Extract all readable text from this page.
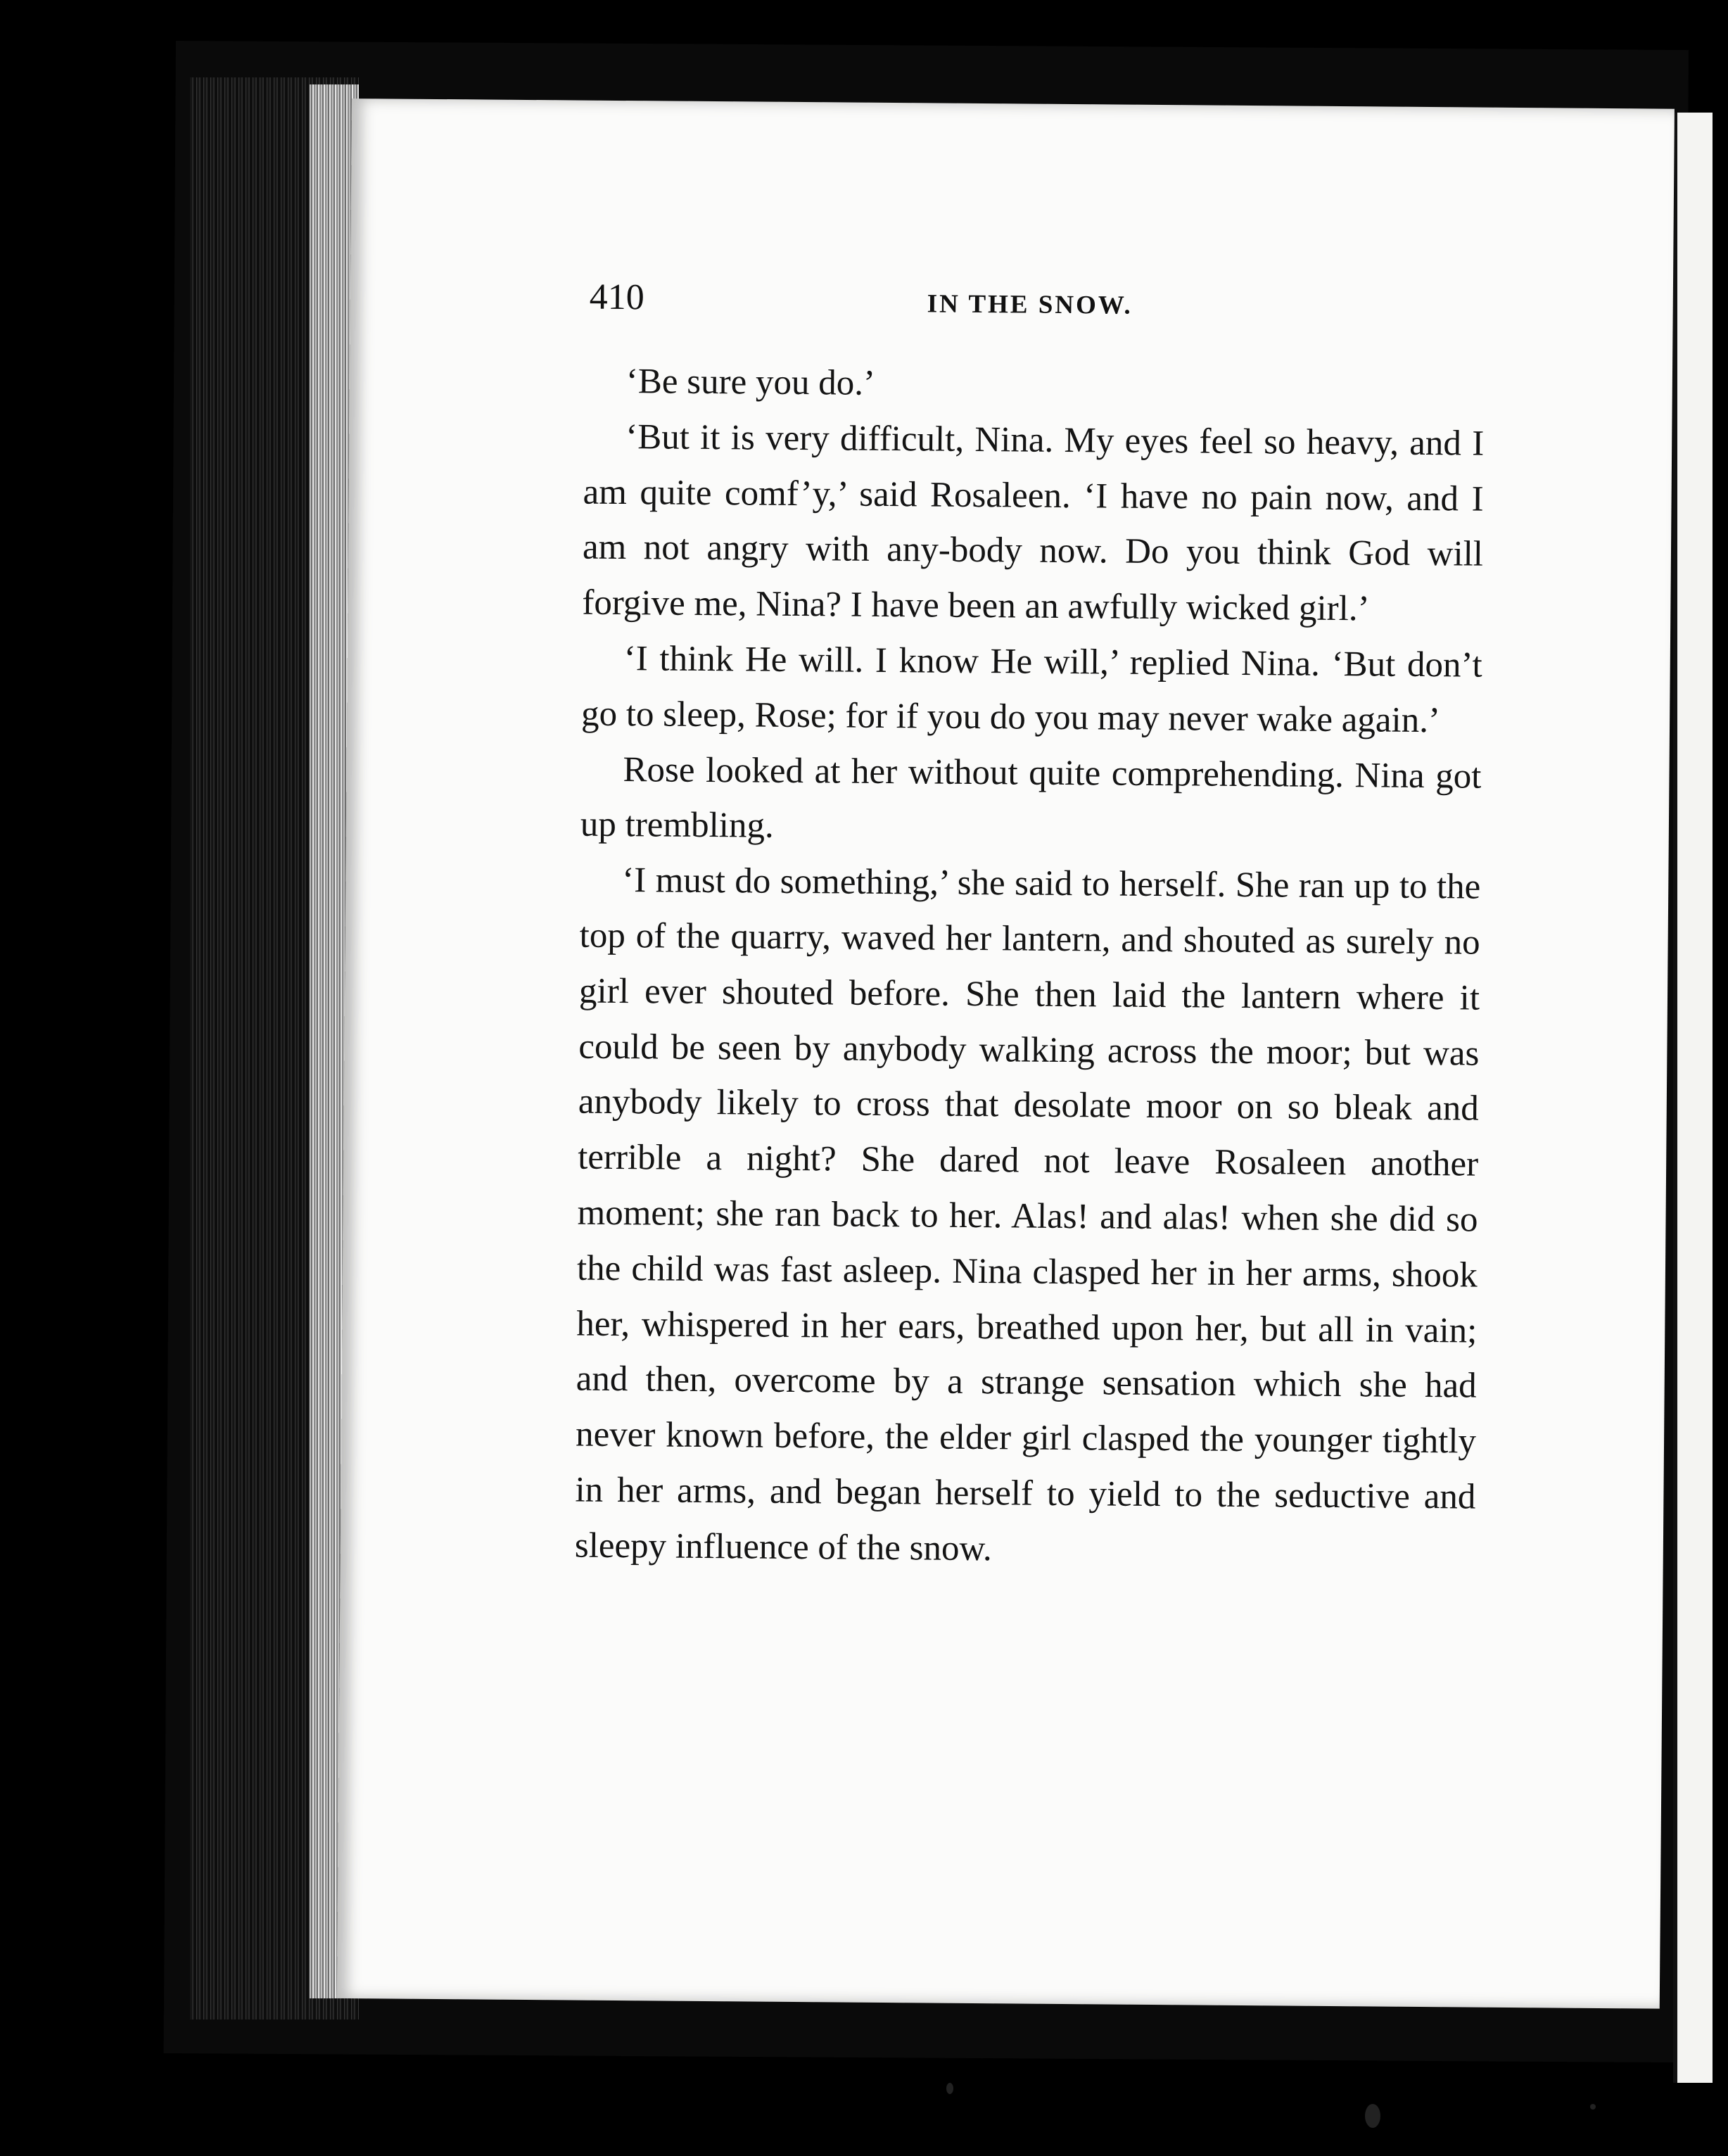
410	IN THE SNOW.

‘Be sure you do.’

‘But it is very difficult, Nina. My eyes feel so heavy, and I am quite comf’y,’ said Rosaleen. ‘I have no pain now, and I am not angry with any-body now. Do you think God will forgive me, Nina? I have been an awfully wicked girl.’

‘I think He will. I know He will,’ replied Nina. ‘But don’t go to sleep, Rose; for if you do you may never wake again.’

Rose looked at her without quite comprehending. Nina got up trembling.

‘I must do something,’ she said to herself. She ran up to the top of the quarry, waved her lantern, and shouted as surely no girl ever shouted before. She then laid the lantern where it could be seen by anybody walking across the moor; but was anybody likely to cross that desolate moor on so bleak and terrible a night? She dared not leave Rosaleen another moment; she ran back to her. Alas! and alas! when she did so the child was fast asleep. Nina clasped her in her arms, shook her, whispered in her ears, breathed upon her, but all in vain; and then, overcome by a strange sensation which she had never known before, the elder girl clasped the younger tightly in her arms, and began herself to yield to the seductive and sleepy influence of the snow.
